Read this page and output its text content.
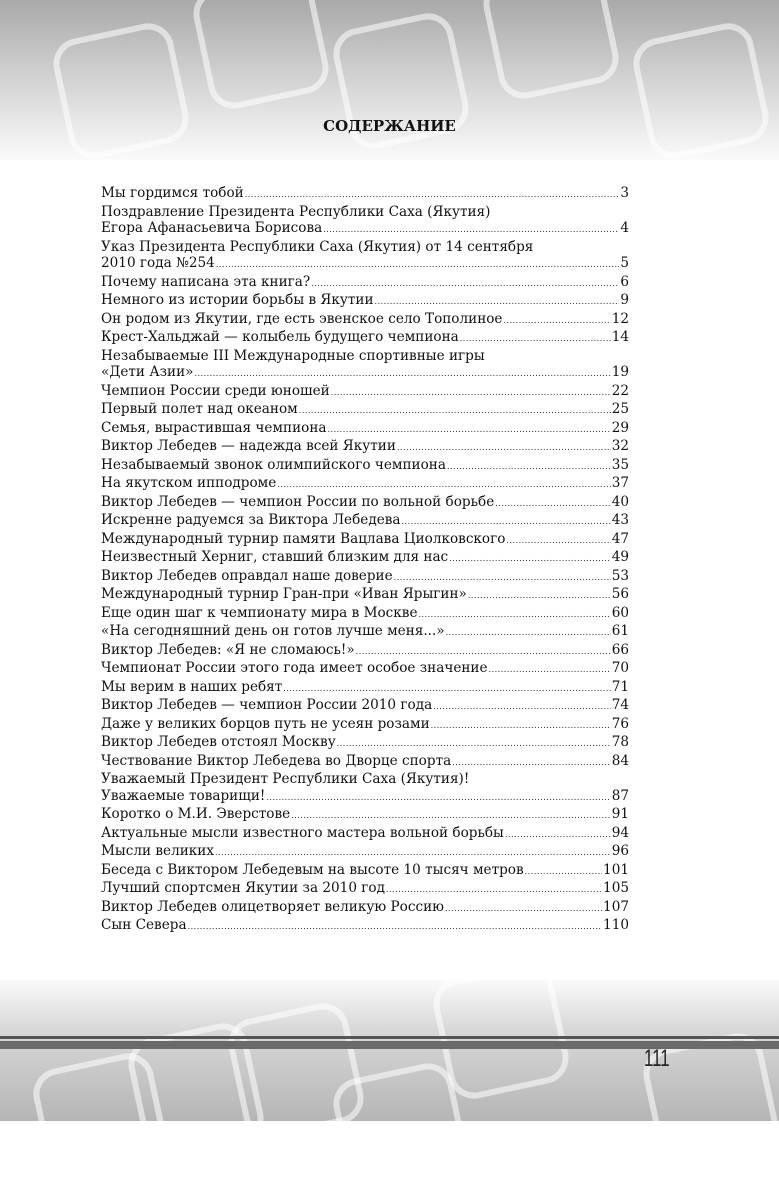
111
СОДЕРЖАНИЕ
Мы гордимся тобой .....	3
Поздравление Президента Республики Саха (Якутия)
Егора Афанасьевича Борисова .....	4
Указ Президента Республики Саха (Якутия) от 14 сентября
2010 года №254 .....	5
Почему написана эта книга? .....	6
Немного из истории борьбы в Якутии .....	9
Он родом из Якутии, где есть эвенское село Тополиное .....	12
Крест-Хальджай — колыбель будущего чемпиона .....	14
Незабываемые III Международные спортивные игры
«Дети Азии» .....	19
Чемпион России среди юношей .....	22
Первый полет над океаном .....	25
Семья, вырастившая чемпиона .....	29
Виктор Лебедев — надежда всей Якутии .....	32
Незабываемый звонок олимпийского чемпиона .....	35
На якутском ипподроме .....	37
Виктор Лебедев — чемпион России по вольной борьбе .....	40
Искренне радуемся за Виктора Лебедева .....	43
Международный турнир памяти Вацлава Циолковского .....	47
Неизвестный Херниг, ставший близким для нас .....	49
Виктор Лебедев оправдал наше доверие .....	53
Международный турнир Гран-при «Иван Ярыгин» .....	56
Еще один шаг к чемпионату мира в Москве .....	60
«На сегодняшний день он готов лучше меня...» .....	61
Виктор Лебедев: «Я не сломаюсь!» .....	66
Чемпионат России этого года имеет особое значение .....	70
Мы верим в наших ребят .....	71
Виктор Лебедев — чемпион России 2010 года .....	74
Даже у великих борцов путь не усеян розами .....	76
Виктор Лебедев отстоял Москву .....	78
Чествование Виктор Лебедева во Дворце спорта .....	84
Уважаемый Президент Республики Саха (Якутия)!
Уважаемые товарищи! .....	87
Коротко о М.И. Эверстове .....	91
Актуальные мысли известного мастера вольной борьбы .....	94
Мысли великих .....	96
Беседа с Виктором Лебедевым на высоте 10 тысяч метров .....	101
Лучший спортсмен Якутии за 2010 год .....	105
Виктор Лебедев олицетворяет великую Россию .....	107
Сын Севера .....	110
